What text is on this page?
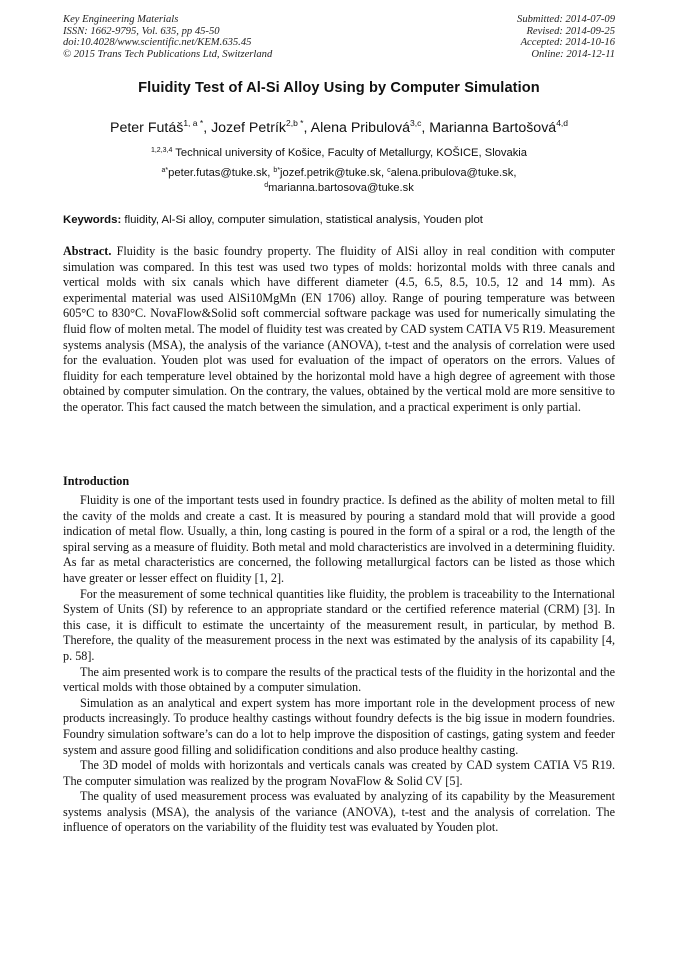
Key Engineering Materials
ISSN: 1662-9795, Vol. 635, pp 45-50
doi:10.4028/www.scientific.net/KEM.635.45
© 2015 Trans Tech Publications Ltd, Switzerland
Submitted: 2014-07-09
Revised: 2014-09-25
Accepted: 2014-10-16
Online: 2014-12-11
Fluidity Test of Al-Si Alloy Using by Computer Simulation
Peter Futáš$^{1, a *}$, Jozef Petrík$^{2,b *}$, Alena Pribulová$^{3,c}$, Marianna Bartošová$^{4,d}$
$^{1,2,3,4}$ Technical university of Košice, Faculty of Metallurgy, KOŠICE, Slovakia
$^{a*}$peter.futas@tuke.sk, $^{b*}$jozef.petrik@tuke.sk, $^c$alena.pribulova@tuke.sk,
$^d$marianna.bartosova@tuke.sk
Keywords: fluidity, Al-Si alloy, computer simulation, statistical analysis, Youden plot
Abstract. Fluidity is the basic foundry property. The fluidity of AlSi alloy in real condition with computer simulation was compared. In this test was used two types of molds: horizontal molds with three canals and vertical molds with six canals which have different diameter (4.5, 6.5, 8.5, 10.5, 12 and 14 mm). As experimental material was used AlSi10MgMn (EN 1706) alloy. Range of pouring temperature was between 605°C to 830°C. NovaFlow&Solid soft commercial software package was used for numerically simulating the fluid flow of molten metal. The model of fluidity test was created by CAD system CATIA V5 R19. Measurement systems analysis (MSA), the analysis of the variance (ANOVA), t-test and the analysis of correlation were used for the evaluation. Youden plot was used for evaluation of the impact of operators on the errors. Values of fluidity for each temperature level obtained by the horizontal mold have a high degree of agreement with those obtained by computer simulation. On the contrary, the values, obtained by the vertical mold are more sensitive to the operator. This fact caused the match between the simulation, and a practical experiment is only partial.
Introduction

Fluidity is one of the important tests used in foundry practice. Is defined as the ability of molten metal to fill the cavity of the molds and create a cast. It is measured by pouring a standard mold that will provide a good indication of metal flow. Usually, a thin, long casting is poured in the form of a spiral or a rod, the length of the spiral serving as a measure of fluidity. Both metal and mold characteristics are involved in a determining fluidity. As far as metal characteristics are concerned, the following metallurgical factors can be listed as those which have greater or lesser effect on fluidity [1, 2].

For the measurement of some technical quantities like fluidity, the problem is traceability to the International System of Units (SI) by reference to an appropriate standard or the certified reference material (CRM) [3]. In this case, it is difficult to estimate the uncertainty of the measurement result, in particular, by method B. Therefore, the quality of the measurement process in the next was estimated by the analysis of its capability [4, p. 58].

The aim presented work is to compare the results of the practical tests of the fluidity in the horizontal and the vertical molds with those obtained by a computer simulation.

Simulation as an analytical and expert system has more important role in the development process of new products increasingly. To produce healthy castings without foundry defects is the big issue in modern foundries. Foundry simulation software’s can do a lot to help improve the disposition of castings, gating system and feeder system and assure good filling and solidification conditions and also produce healthy casting.

The 3D model of molds with horizontals and verticals canals was created by CAD system CATIA V5 R19. The computer simulation was realized by the program NovaFlow & Solid CV [5].

The quality of used measurement process was evaluated by analyzing of its capability by the Measurement systems analysis (MSA), the analysis of the variance (ANOVA), t-test and the analysis of correlation. The influence of operators on the variability of the fluidity test was evaluated by Youden plot.
